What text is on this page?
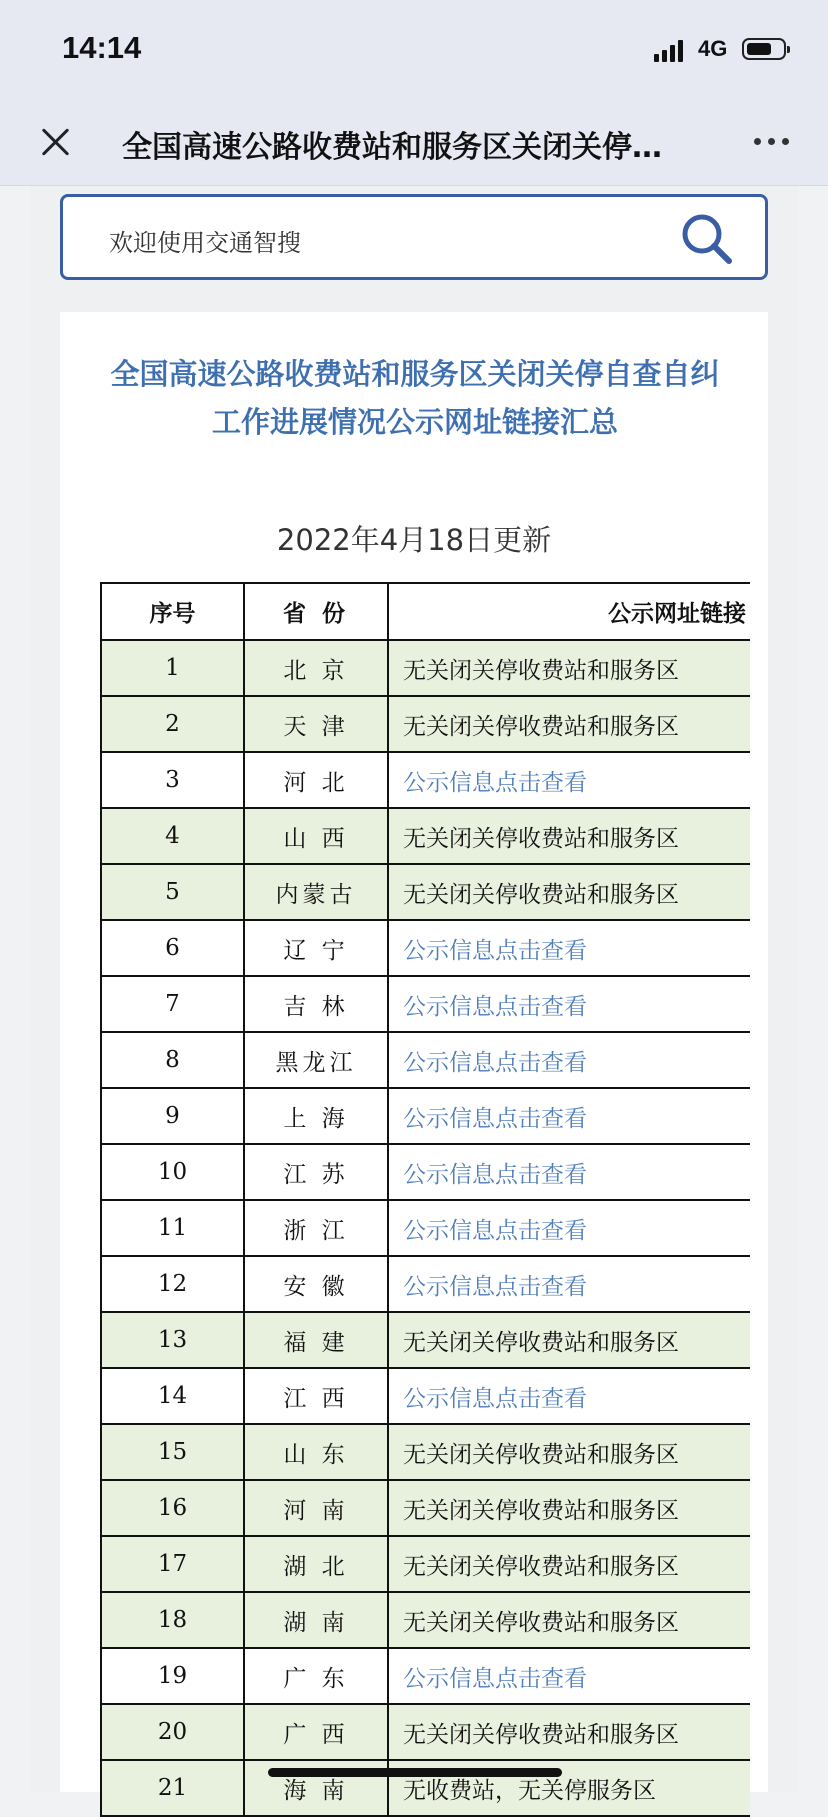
14:14	4G
全国高速公路收费站和服务区关闭关停…
欢迎使用交通智搜
全国高速公路收费站和服务区关闭关停自查自纠工作进展情况公示网址链接汇总
2022年4月18日更新
序号	省 份	公示网址链接
1	北 京	无关闭关停收费站和服务区
2	天 津	无关闭关停收费站和服务区
3	河 北	公示信息点击查看
4	山 西	无关闭关停收费站和服务区
5	内蒙古	无关闭关停收费站和服务区
6	辽 宁	公示信息点击查看
7	吉 林	公示信息点击查看
8	黑龙江	公示信息点击查看
9	上 海	公示信息点击查看
10	江 苏	公示信息点击查看
11	浙 江	公示信息点击查看
12	安 徽	公示信息点击查看
13	福 建	无关闭关停收费站和服务区
14	江 西	公示信息点击查看
15	山 东	无关闭关停收费站和服务区
16	河 南	无关闭关停收费站和服务区
17	湖 北	无关闭关停收费站和服务区
18	湖 南	无关闭关停收费站和服务区
19	广 东	公示信息点击查看
20	广 西	无关闭关停收费站和服务区
21	海 南	无收费站，无关停服务区
